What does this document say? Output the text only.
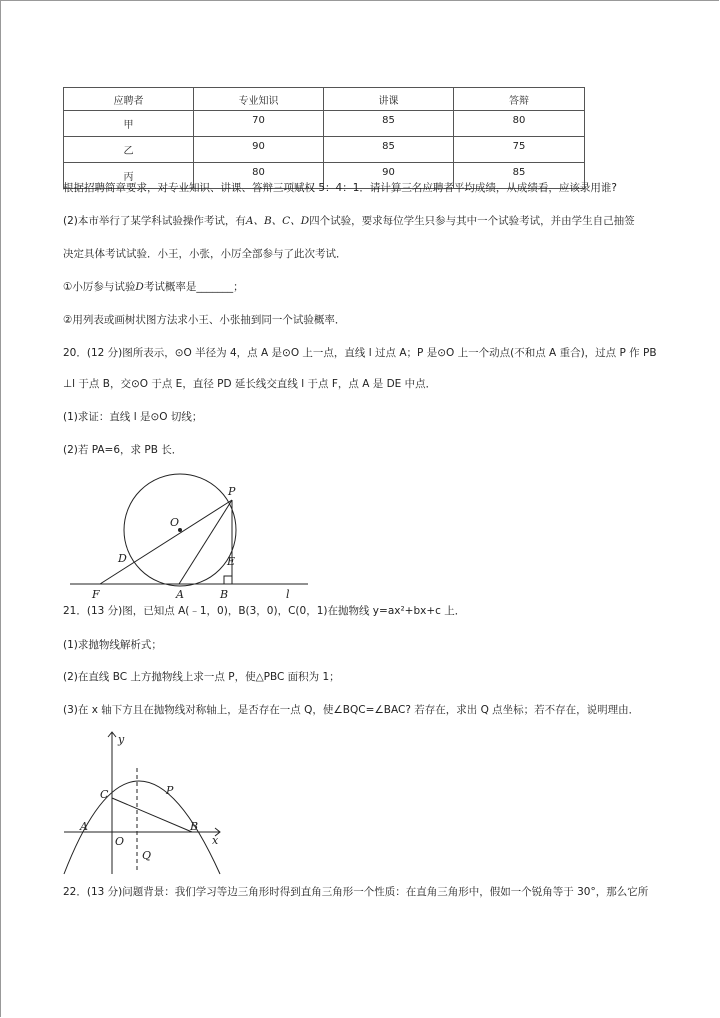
应聘者	专业知识	讲课	答辩
甲	70	85	80
乙	90	85	75
丙	80	90	85
根据招聘简章要求，对专业知识、讲课、答辩三项赋权 5：4：1．请计算三名应聘者平均成绩，从成绩看，应该录用谁?
(2)本市举行了某学科试验操作考试，有A、B、C、D四个试验，要求每位学生只参与其中一个试验考试，并由学生自己抽签
决定具体考试试验．小王，小张，小厉全部参与了此次考试．
①小厉参与试验D考试概率是_______；
②用列表或画树状图方法求小王、小张抽到同一个试验概率．
20．(12 分)图所表示，⊙O 半径为 4，点 A 是⊙O 上一点，直线 l 过点 A；P 是⊙O 上一个动点(不和点 A 重合)，过点 P 作 PB
⊥l 于点 B，交⊙O 于点 E，直径 PD 延长线交直线 l 于点 F，点 A 是 DE 中点．
(1)求证：直线 l 是⊙O 切线；
(2)若 PA=6，求 PB 长．
P
O
D	E
F	A	B	l
21．(13 分)图，已知点 A(﹣1，0)，B(3，0)，C(0，1)在抛物线 y=ax²+bx+c 上．
(1)求抛物线解析式；
(2)在直线 BC 上方抛物线上求一点 P，使△PBC 面积为 1；
(3)在 x 轴下方且在抛物线对称轴上，是否存在一点 Q，使∠BQC=∠BAC? 若存在，求出 Q 点坐标；若不存在，说明理由．
y
x
C	P
A
O
B
Q
22．(13 分)问题背景：我们学习等边三角形时得到直角三角形一个性质：在直角三角形中，假如一个锐角等于 30°，那么它所
